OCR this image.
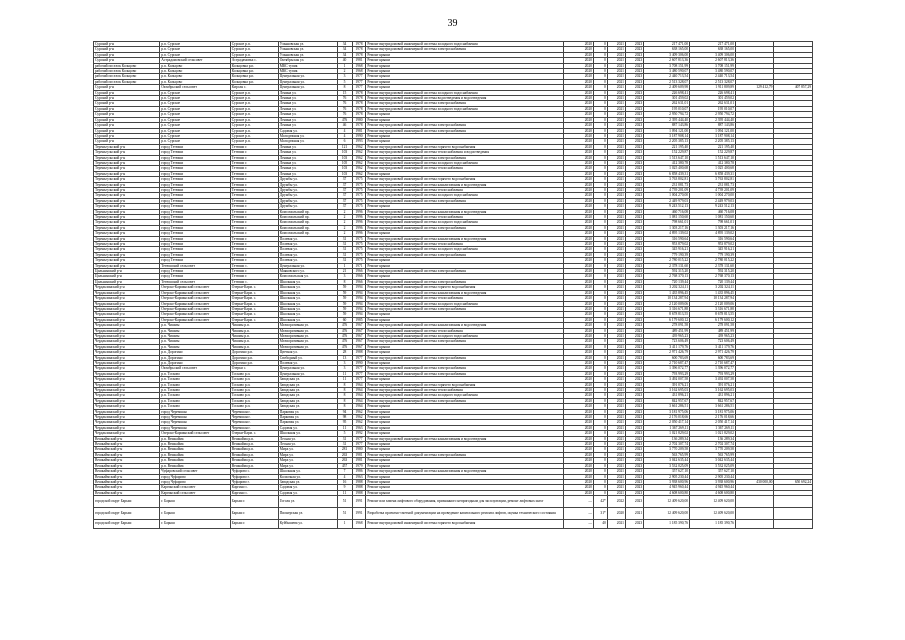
39
Сурский р-н	р.п. Сурское	Сурское р.п.	Ульяновская ул.	34	1978	Ремонт внутридомовой инженерной системы холодного водоснабжения	2020	0	2021	2023	217 471,00	217 471,00		
Сурский р-н	р.п. Сурское	Сурское р.п.	Ульяновская ул.	34	1978	Ремонт внутридомовой инженерной системы электроснабжения	2020	0	2021	2023	638 165,00	638 165,00		
Сурский р-н	р.п. Сурское	Сурское р.п.	Ульяновская ул.	34	1978	Ремонт крыши	2020	0	2021	2023	3 409 306,00	3 409 306,00		
Сурский р-н	Астрадамовский сельсовет	Астрадамовка с.	Октябрьская ул.	40	1981	Ремонт крыши	2020	0	2021	2023	2 607 813,36	2 607 813,36		
рабочий поселок Кольцово	р.п. Кольцово	Кольцовка р.п.	МКС тупик	1	1968	Ремонт крыши	2020	0	2021	2023	3 708 151,99	3 708 151,99		
рабочий поселок Кольцово	р.п. Кольцово	Кольцовка р.п.	МКС тупик	2	1968	Ремонт крыши	2020	0	2021	2023	3 480 590,07	3 480 590,07		
рабочий поселок Кольцово	р.п. Кольцово	Кольцовка р.п.	Центральная ул.	3	1977	Ремонт крыши	2020	0	2021	2023	2 440 713,54	2 440 713,54		
рабочий поселок Кольцово	р.п. Кольцово	Кольцовка р.п.	Центральная ул.	5	1977	Ремонт крыши	2020	0	2021	2023	2 513 328,07	2 513 328,07		
Сурский р-н	Октябрьский сельсовет	Кирсан с.	Центральная ул.	8	1977	Ремонт крыши	2020	0	2021	2023	2 409 609,98	1 911 809,89	129 412,79	407 857,29
Сурский р-н	р.п. Сурское	Сурское р.п.	Ленина ул.	15	1978	Ремонт внутридомовой инженерной системы холодного водоснабжения	2020	0	2021	2023	226 698,41	226 698,41		
Сурский р-н	р.п. Сурское	Сурское р.п.	Ленина ул.	76	1978	Ремонт внутридомовой инженерной системы водоотведения и водоотведения	2020	0	2021	2023	301 459,02	301 459,02		
Сурский р-н	р.п. Сурское	Сурское р.п.	Ленина ул.	76	1978	Ремонт внутридомовой инженерной системы электроснабжения	2020	0	2021	2023	262 631,01	262 631,01		
Сурский р-н	р.п. Сурское	Сурское р.п.	Ленина ул.	76	1978	Ремонт внутридомовой инженерной системы холодного водоснабжения	2020	0	2021	2023	195 010,07	195 010,07		
Сурский р-н	р.п. Сурское	Сурское р.п.	Ленина ул.	76	1978	Ремонт крыши	2020	0	2021	2023	2 950 794,72	2 950 794,72		
Сурский р-н	р.п. Сурское	Сурское р.п.	Ленина ул.	476	1980	Ремонт крыши	2020	0	2021	2023	2 395 444,40	2 395 444,40		
Сурский р-н	р.п. Сурское	Сурское р.п.	Ленина ул.	46	1978	Ремонт внутридомовой инженерной системы электроснабжения	2020	0	2021	2023	887 143,86	887 143,86		
Сурский р-н	р.п. Сурское	Сурское р.п.	Садовая ул.	4	1981	Ремонт внутридомовой инженерной системы электроснабжения	2020	0	2021	2023	1 094 121,00	1 094 121,00		
Сурский р-н	р.п. Сурское	Сурское р.п.	Молодежная ул.	4	1990	Ремонт крыши	2020	0	2021	2023	3 187 908,14	3 187 908,14		
Сурский р-н	р.п. Сурское	Сурское р.п.	Молодежная ул.	6	1993	Ремонт крыши	2020	0	2021	2023	2 205 385,13	2 205 385,13		
Тереньгульский р-н	город Тетюши	Тетюши г.	Ленина ул.	121	1962	Ремонт внутридомовой инженерной системы горячего водоснабжения	2020	0	2021	2023	221 195,40	221 195,40		
Тереньгульский р-н	город Тетюши	Тетюши г.	Ленина ул.	103	1962	Ремонт внутридомовой инженерной системы теплоснабжения и водоотведения	2020	0	2021	2023	152 229,87	152 229,87		
Тереньгульский р-н	город Тетюши	Тетюши г.	Ленина ул.	103	1962	Ремонт внутридомовой инженерной системы электроснабжения	2020	0	2021	2023	1 513 647,10	1 513 647,10		
Тереньгульский р-н	город Тетюши	Тетюши г.	Ленина ул.	105	1962	Ремонт внутридомовой инженерной системы холодного водоснабжения	2020	0	2021	2023	412 380,78	412 380,78		
Тереньгульский р-н	город Тетюши	Тетюши г.	Ленина ул.	103	1962	Ремонт внутридомовой инженерной системы теплоснабжения	2020	0	2021	2023	1 025 400,68	1 025 400,68		
Тереньгульский р-н	город Тетюши	Тетюши г.	Ленина ул.	103	1962	Ремонт крыши	2020	0	2021	2023	6 858 439,31	6 858 439,31		
Тереньгульский р-н	город Тетюши	Тетюши г.	Дружбы ул.	37	1975	Ремонт внутридомовой инженерной системы горячего водоснабжения	2020	0	2021	2023	3 763 802,81	3 763 802,81		
Тереньгульский р-н	город Тетюши	Тетюши г.	Дружбы ул.	37	1975	Ремонт внутридомовой инженерной системы канализования и водоотведения	2020	0	2021	2023	231 081,73	231 081,73		
Тереньгульский р-н	город Тетюши	Тетюши г.	Дружбы ул.	37	1975	Ремонт внутридомовой инженерной системы теплоснабжения	2020	0	2021	2023	4 739 201,09	4 739 201,09		
Тереньгульский р-н	город Тетюши	Тетюши г.	Дружбы ул.	37	1975	Ремонт внутридомовой инженерной системы холодного водоснабжения	2020	0	2021	2023	1 004 270,00	1 004 270,00		
Тереньгульский р-н	город Тетюши	Тетюши г.	Дружбы ул.	37	1975	Ремонт внутридомовой инженерной системы электроснабжения	2020	0	2021	2023	2 449 979,03	2 449 979,03		
Тереньгульский р-н	город Тетюши	Тетюши г.	Дружбы ул.	37	1975	Ремонт крыши	2020	0	2021	2023	9 243 512,13	9 243 512,13		
Тереньгульский р-н	город Тетюши	Тетюши г.	Комсомольский пр.	2	1996	Ремонт внутридомовой инженерной системы канализования и водоотведения	2020	0	2021	2023	460 716,08	460 716,08		
Тереньгульский р-н	город Тетюши	Тетюши г.	Комсомольский пр.	2	1996	Ремонт внутридомовой инженерной системы теплоснабжения	2020	0	2021	2023	1 081 150,60	1 081 150,60		
Тереньгульский р-н	город Тетюши	Тетюши г.	Комсомольский пр.	2	1996	Ремонт внутридомовой инженерной системы холодного водоснабжения	2020	0	2021	2023	798 661,01	798 661,01		
Тереньгульский р-н	город Тетюши	Тетюши г.	Комсомольский пр.	2	1996	Ремонт внутридомовой инженерной системы электроснабжения	2020	0	2021	2023	1 303 217,16	1 303 217,16		
Тереньгульский р-н	город Тетюши	Тетюши г.	Комсомольский пр.	2	1996	Ремонт крыши	2020	0	2021	2023	4 895 139,02	4 895 139,02		
Тереньгульский р-н	город Тетюши	Тетюши г.	Полевая ул.	31	1975	Ремонт внутридомовой инженерной системы канализования и водоотведения	2020	0	2021	2023	316 590,64	316 590,64		
Тереньгульский р-н	город Тетюши	Тетюши г.	Полевая ул.	31	1975	Ремонт внутридомовой инженерной системы теплоснабжения	2020	0	2021	2023	953 879,02	953 879,02		
Тереньгульский р-н	город Тетюши	Тетюши г.	Полевая ул.	31	1975	Ремонт внутридомовой инженерной системы холодного водоснабжения	2020	0	2021	2023	345 916,21	345 916,21		
Тереньгульский р-н	город Тетюши	Тетюши г.	Полевая ул.	31	1975	Ремонт внутридомовой инженерной системы электроснабжения	2020	0	2021	2023	779 190,39	779 190,39		
Тереньгульский р-н	город Тетюши	Тетюши г.	Полевая ул.	31	1975	Ремонт крыши	2020	0	2021	2023	2 780 015,22	2 780 015,22		
Тереньгульский р-н	Тетюшский сельсовет	Тетюши с.	Центральная ул.	1	1971	Ремонт крыши	2020	0	2021	2023	2 378 131,60	2 378 131,60		
Цильнинский р-н	город Тетюши	Тетюши г.	Маяковского ул.	21	1966	Ремонт внутридомовой инженерной системы электроснабжения	2020	0	2021	2023	592 315,20	592 315,20		
Цильнинский р-н	город Тетюши	Тетюши г.	Комсомольская ул.	3	1966	Ремонт крыши	2020	0	2021	2023	2 768 370,13	2 768 370,13		
Цильнинский р-н	Тетюшский сельсовет	Тетюши с.	Школьная ул.	8	1966	Ремонт внутридомовой инженерной системы электроснабжения	2020	0	2021	2023	720 139,44	720 139,44		
Чердаклинский р-н	Озерско-Карманский сельсовет	Озерки-Карм. с.	Школьная ул.	59	1994	Ремонт внутридомовой инженерной системы горячего водоснабжения	2020	0	2021	2023	3 202 324,11	3 202 324,11		
Чердаклинский р-н	Озерско-Карманский сельсовет	Озерки-Карм. с.	Школьная ул.	59	1994	Ремонт внутридомовой инженерной системы канализования и водоотведения	2020	0	2021	2023	1 435 896,45	1 435 896,45		
Чердаклинский р-н	Озерско-Карманский сельсовет	Озерки-Карм. с.	Школьная ул.	59	1994	Ремонт внутридомовой инженерной системы теплоснабжения	2020	0	2021	2023	10 134 287,94	10 134 287,94		
Чердаклинский р-н	Озерско-Карманский сельсовет	Озерки-Карм. с.	Школьная ул.	59	1994	Ремонт внутридомовой инженерной системы холодного водоснабжения	2020	0	2021	2023	2 120 009,06	2 120 009,06		
Чердаклинский р-н	Озерско-Карманский сельсовет	Озерки-Карм. с.	Школьная ул.	59	1994	Ремонт внутридомовой инженерной системы электроснабжения	2020	0	2021	2023	3 316 671,88	3 316 671,88		
Чердаклинский р-н	Озерско-Карманский сельсовет	Озерки-Карм. с.	Школьная ул.	59	1994	Ремонт крыши	2020	0	2021	2023	8 678 813,55	8 678 813,55		
Чердаклинский р-н	Озерско-Карманский сельсовет	Озерки-Карм. с.	Школьная ул.	60	1985	Ремонт крыши	2020	0	2021	2023	6 179 600,12	6 179 600,12		
Чердаклинский р-н	р.п. Чишмы	Чишмы р.п.	Мелиоративная ул.	476	1967	Ремонт внутридомовой инженерной системы канализования и водоотведения	2020	0	2021	2023	278 091,58	278 091,58		
Чердаклинский р-н	р.п. Чишмы	Чишмы р.п.	Мелиоративная ул.	476	1967	Ремонт внутридомовой инженерной системы теплоснабжения	2020	0	2021	2023	489 451,99	489 451,99		
Чердаклинский р-н	р.п. Чишмы	Чишмы р.п.	Мелиоративная ул.	476	1967	Ремонт внутридомовой инженерной системы холодного водоснабжения	2020	0	2021	2023	439 965,23	439 965,23		
Чердаклинский р-н	р.п. Чишмы	Чишмы р.п.	Мелиоративная ул.	476	1967	Ремонт внутридомовой инженерной системы электроснабжения	2020	0	2021	2023	723 606,49	723 606,49		
Чердаклинский р-н	р.п. Чишмы	Чишмы р.п.	Мелиоративная ул.	476	1967	Ремонт крыши	2020	0	2021	2023	3 411 179,76	3 411 179,76		
Чердаклинский р-н	р.п. Дорогино	Дорогино р.п.	Цветная ул.	28	1988	Ремонт крыши	2020	0	2021	2023	2 971 426,79	2 971 426,79		
Чердаклинский р-н	р.п. Дорогино	Дорогино р.п.	Свободный ул.	13	1977	Ремонт внутридомовой инженерной системы электроснабжения	2020	0	2021	2023	600 783,69	600 783,69		
Чердаклинский р-н	р.п. Дорогино	Дорогино р.п.	Полевая ул.	3	1990	Ремонт крыши	2020	0	2021	2023	2 710 687,47	2 710 687,47		
Чердаклинский р-н	Октябрьский сельсовет	Озерки с.	Центральная ул.	3	1977	Ремонт внутридомовой инженерной системы электроснабжения	2020	0	2021	2023	1 396 072,77	1 396 072,77		
Чердаклинский р-н	р.п. Тосково	Тосково р.п.	Центральная ул.	11	1977	Ремонт внутридомовой инженерной системы электроснабжения	2020	0	2021	2023	793 993,29	793 993,29		
Чердаклинский р-н	р.п. Тосково	Тосково р.п.	Заводская ул.	11	1977	Ремонт крыши	2020	0	2021	2023	3 492 007,58	3 492 007,58		
Чердаклинский р-н	р.п. Тосково	Тосково р.п.	Заводская ул.	8	1964	Ремонт внутридомовой инженерной системы горячего водоснабжения	2020	0	2021	2023	391 076,21	391 076,21		
Чердаклинский р-н	р.п. Тосково	Тосково р.п.	Заводская ул.	8	1964	Ремонт внутридомовой инженерной системы теплоснабжения	2020	0	2021	2023	3 162 695,03	3 162 695,03		
Чердаклинский р-н	р.п. Тосково	Тосково р.п.	Заводская ул.	8	1964	Ремонт внутридомовой инженерной системы холодного водоснабжения	2020	0	2021	2023	431 896,21	431 896,21		
Чердаклинский р-н	р.п. Тосково	Тосково р.п.	Заводская ул.	8	1964	Ремонт внутридомовой инженерной системы электроснабжения	2020	0	2021	2023	842 957,67	842 957,67		
Чердаклинский р-н	р.п. Тосково	Тосково р.п.	Заводская ул.	8	1964	Ремонт крыши	2020	0	2021	2023	3 661 286,51	3 661 286,51		
Чердаклинский р-н	город Черемшан	Черемшан г.	Парковая ул.	94	1962	Ремонт крыши	2020	0	2021	2023	3 181 975,06	3 181 975,06		
Чердаклинский р-н	город Черемшан	Черемшан г.	Парковая ул.	98	1962	Ремонт крыши	2020	0	2021	2023	2 176 018,66	2 176 018,66		
Чердаклинский р-н	город Черемшан	Черемшан г.	Парковая ул.	95	1962	Ремонт крыши	2020	0	2021	2023	2 050 417,14	2 050 417,14		
Чердаклинский р-н	город Черемшан	Черемшан г.	Садовая ул.	11	1963	Ремонт крыши	2020	0	2021	2023	1 367 269,11	1 367 269,11		
Чердаклинский р-н	Озерско-Карманский сельсовет	Озерки-Карм. с.	Школьная ул.	5	1992	Ремонт крыши	2020	0	2021	2023	1 021 829,02	1 021 829,02		
Вешкаймский р-н	р.п. Вешкайма	Вешкайма р.п.	Лесная ул.	31	1977	Ремонт внутридомовой инженерной системы канализования и водоотведения	2020	0	2021	2023	136 289,34	136 289,34		
Вешкаймский р-н	р.п. Вешкайма	Вешкайма р.п.	Лесная ул.	31	1977	Ремонт крыши	2020	0	2021	2023	2 702 307,74	2 702 307,74		
Вешкаймский р-н	р.п. Вешкайма	Вешкайма р.п.	Мира ул.	281	1980	Ремонт крыши	2020	0	2021	2023	3 770 209,58	3 770 209,58		
Вешкаймский р-н	р.п. Вешкайма	Вешкайма р.п.	Мира ул.	263	1981	Ремонт внутридомовой инженерной системы электроснабжения	2020	0	2021	2023	563 765,99	563 765,99		
Вешкаймский р-н	р.п. Вешкайма	Вешкайма р.п.	Мира ул.	263	1981	Ремонт крыши	2020	0	2021	2023	3 042 635,44	3 042 635,44		
Вешкаймский р-н	р.п. Вешкайма	Вешкайма р.п.	Мира ул.	457	1979	Ремонт крыши	2020	0	2021	2023	3 532 025,09	3 532 025,09		
Вешкаймский р-н	Чуфаровский сельсовет	Чуфарово с.	Школьная ул.	7	1986	Ремонт внутридомовой инженерной системы канализования и водоотведения	2020	0	2021	2023	357 627,10	357 627,10		
Вешкаймский р-н	город Чуфарово	Чуфарово г.	Колхозная ул.	4	1963	Ремонт крыши	2020	0	2021	2023	2 905 230,44	2 905 230,44		
Вешкаймский р-н	город Чуфарово	Чуфарово г.	Заводская ул.	16	1988	Ремонт крыши	2020	0	2021	2023	3 938 600,96	3 938 600,96	430 000,00	650 692,24
Вешкаймский р-н	Каргинский сельсовет	Каргино с.	Садовая ул.	9	1988	Ремонт крыши	2020	0	2021	2023	4 945 960,44	4 945 960,44		
Вешкаймский р-н	Каргинский сельсовет	Каргино с.	Садовая ул.	11	1988	Ремонт крыши	2020	0	2021	2023	4 608 600,80	4 608 600,80		
городской округ Барыш	г. Барыш	Барыш г.	Гоголя ул.	51	1991	Ремонт или замена лифтового оборудования, признанного непригодным для эксплуатации, ремонт лифтовых шахт	—	42*	2022	2023	12 409 620,00	12 409 620,00		
городской округ Барыш	г. Барыш	Барыш г.	Пионерская ул.	51	1991	Разработка проектно-сметной документации на проведение капитального ремонта лифтов, оценка технического состояния	—	31*	2020	2021	12 409 620,00	12 409 620,00		
городской округ Барыш	г. Барыш	Барыш г.	Куйбышева ул.	1	1968	Ремонт внутридомовой инженерной системы горячего водоснабжения	—	40	2021	2023	1 185 390,76	1 185 390,76		
